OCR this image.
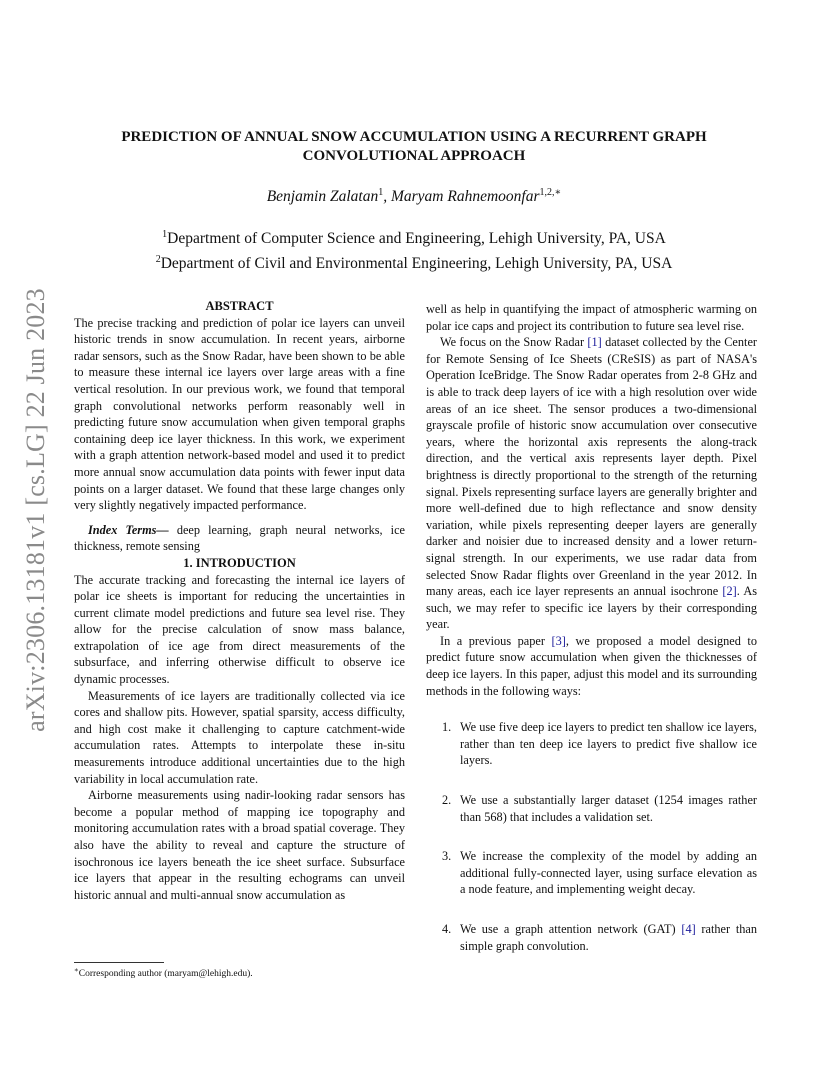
arXiv:2306.13181v1 [cs.LG] 22 Jun 2023
PREDICTION OF ANNUAL SNOW ACCUMULATION USING A RECURRENT GRAPH
CONVOLUTIONAL APPROACH
Benjamin Zalatan$^1$, Maryam Rahnemoonfar$^{1,2,∗}$
$^1$Department of Computer Science and Engineering, Lehigh University, PA, USA
$^2$Department of Civil and Environmental Engineering, Lehigh University, PA, USA

ABSTRACT

The precise tracking and prediction of polar ice layers can unveil historic trends in snow accumulation. In recent years, airborne radar sensors, such as the Snow Radar, have been shown to be able to measure these internal ice layers over large areas with a fine vertical resolution. In our previous work, we found that temporal graph convolutional networks perform reasonably well in predicting future snow accumulation when given temporal graphs containing deep ice layer thickness. In this work, we experiment with a graph attention network-based model and used it to predict more annual snow accumulation data points with fewer input data points on a larger dataset. We found that these large changes only very slightly negatively impacted performance.

Index Terms— deep learning, graph neural networks, ice thickness, remote sensing

1. INTRODUCTION

The accurate tracking and forecasting the internal ice layers of polar ice sheets is important for reducing the uncertainties in current climate model predictions and future sea level rise. They allow for the precise calculation of snow mass balance, extrapolation of ice age from direct measurements of the subsurface, and inferring otherwise difficult to observe ice dynamic processes.

Measurements of ice layers are traditionally collected via ice cores and shallow pits. However, spatial sparsity, access difficulty, and high cost make it challenging to capture catchment-wide accumulation rates. Attempts to interpolate these in-situ measurements introduce additional uncertainties due to the high variability in local accumulation rate.

Airborne measurements using nadir-looking radar sensors has become a popular method of mapping ice topography and monitoring accumulation rates with a broad spatial coverage. They also have the ability to reveal and capture the structure of isochronous ice layers beneath the ice sheet surface. Subsurface ice layers that appear in the resulting echograms can unveil historic annual and multi-annual snow accumulation as

well as help in quantifying the impact of atmospheric warming on polar ice caps and project its contribution to future sea level rise.

We focus on the Snow Radar [ 1 ] dataset collected by the Center for Remote Sensing of Ice Sheets (CReSIS) as part of NASA's Operation IceBridge. The Snow Radar operates from 2-8 GHz and is able to track deep layers of ice with a high resolution over wide areas of an ice sheet. The sensor produces a two-dimensional grayscale profile of historic snow accumulation over consecutive years, where the horizontal axis represents the along-track direction, and the vertical axis represents layer depth. Pixel brightness is directly proportional to the strength of the returning signal. Pixels representing surface layers are generally brighter and more well-defined due to high reflectance and snow density variation, while pixels representing deeper layers are generally darker and noisier due to increased density and a lower return-signal strength. In our experiments, we use radar data from selected Snow Radar flights over Greenland in the year 2012. In many areas, each ice layer represents an annual isochrone [ 2 ] . As such, we may refer to specific ice layers by their corresponding year.

In a previous paper [ 3 ] , we proposed a model designed to predict future snow accumulation when given the thicknesses of deep ice layers. In this paper, adjust this model and its surrounding methods in the following ways:

1. We use five deep ice layers to predict ten shallow ice layers, rather than ten deep ice layers to predict five shallow ice layers.
2. We use a substantially larger dataset (1254 images rather than 568) that includes a validation set.
3. We increase the complexity of the model by adding an additional fully-connected layer, using surface elevation as a node feature, and implementing weight decay.
4. We use a graph attention network (GAT) [ 4 ] rather than simple graph convolution.
∗Corresponding author (maryam@lehigh.edu).
